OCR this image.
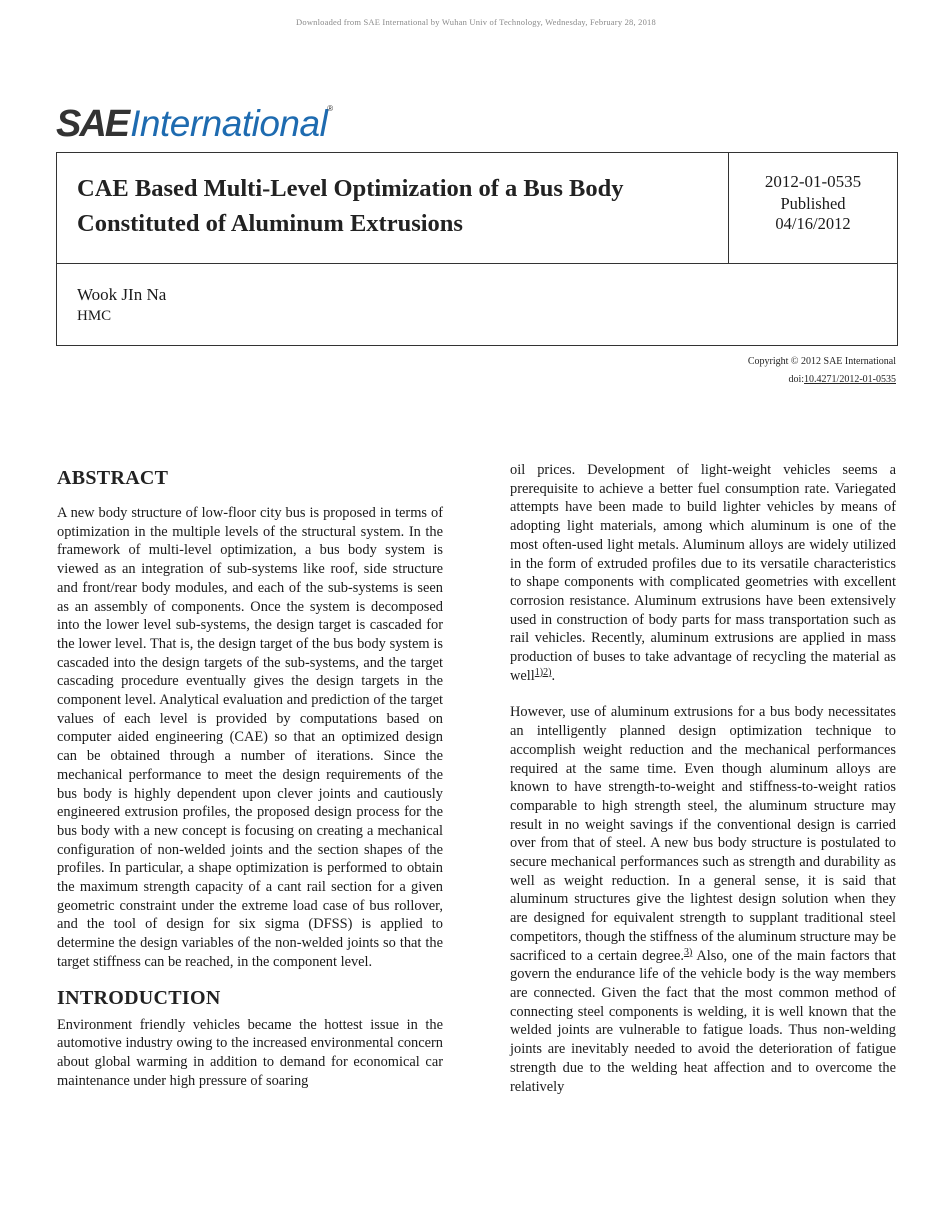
Downloaded from SAE International by Wuhan Univ of Technology, Wednesday, February 28, 2018
SAE International ®
CAE Based Multi-Level Optimization of a Bus Body Constituted of Aluminum Extrusions
2012-01-0535
Published
04/16/2012
Wook JIn Na
HMC
Copyright © 2012 SAE International
doi:10.4271/2012-01-0535
ABSTRACT

A new body structure of low-floor city bus is proposed in terms of optimization in the multiple levels of the structural system. In the framework of multi-level optimization, a bus body system is viewed as an integration of sub-systems like roof, side structure and front/rear body modules, and each of the sub-systems is seen as an assembly of components. Once the system is decomposed into the lower level sub-systems, the design target is cascaded for the lower level. That is, the design target of the bus body system is cascaded into the design targets of the sub-systems, and the target cascading procedure eventually gives the design targets in the component level. Analytical evaluation and prediction of the target values of each level is provided by computations based on computer aided engineering (CAE) so that an optimized design can be obtained through a number of iterations. Since the mechanical performance to meet the design requirements of the bus body is highly dependent upon clever joints and cautiously engineered extrusion profiles, the proposed design process for the bus body with a new concept is focusing on creating a mechanical configuration of non-welded joints and the section shapes of the profiles. In particular, a shape optimization is performed to obtain the maximum strength capacity of a cant rail section for a given geometric constraint under the extreme load case of bus rollover, and the tool of design for six sigma (DFSS) is applied to determine the design variables of the non-welded joints so that the target stiffness can be reached, in the component level.

INTRODUCTION

Environment friendly vehicles became the hottest issue in the automotive industry owing to the increased environmental concern about global warming in addition to demand for economical car maintenance under high pressure of soaring

oil prices. Development of light-weight vehicles seems a prerequisite to achieve a better fuel consumption rate. Variegated attempts have been made to build lighter vehicles by means of adopting light materials, among which aluminum is one of the most often-used light metals. Aluminum alloys are widely utilized in the form of extruded profiles due to its versatile characteristics to shape components with complicated geometries with excellent corrosion resistance. Aluminum extrusions have been extensively used in construction of body parts for mass transportation such as rail vehicles. Recently, aluminum extrusions are applied in mass production of buses to take advantage of recycling the material as well$^{1)2)}$.

However, use of aluminum extrusions for a bus body necessitates an intelligently planned design optimization technique to accomplish weight reduction and the mechanical performances required at the same time. Even though aluminum alloys are known to have strength-to-weight and stiffness-to-weight ratios comparable to high strength steel, the aluminum structure may result in no weight savings if the conventional design is carried over from that of steel. A new bus body structure is postulated to secure mechanical performances such as strength and durability as well as weight reduction. In a general sense, it is said that aluminum structures give the lightest design solution when they are designed for equivalent strength to supplant traditional steel competitors, though the stiffness of the aluminum structure may be sacrificed to a certain degree.$^{3)}$ Also, one of the main factors that govern the endurance life of the vehicle body is the way members are connected. Given the fact that the most common method of connecting steel components is welding, it is well known that the welded joints are vulnerable to fatigue loads. Thus non-welding joints are inevitably needed to avoid the deterioration of fatigue strength due to the welding heat affection and to overcome the relatively
